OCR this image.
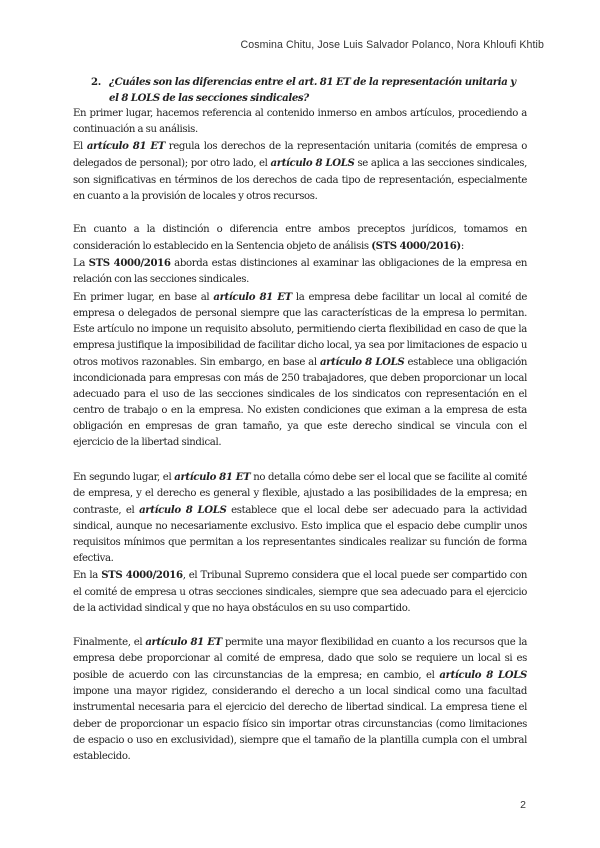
Cosmina Chitu, Jose Luis Salvador Polanco, Nora Khloufi Khtib

2. ¿Cuáles son las diferencias entre el art. 81 ET de la representación unitaria y el 8 LOLS de las secciones sindicales?

En primer lugar, hacemos referencia al contenido inmerso en ambos artículos, procediendo a continuación a su análisis.

El artículo 81 ET regula los derechos de la representación unitaria (comités de empresa o delegados de personal); por otro lado, el artículo 8 LOLS se aplica a las secciones sindicales, son significativas en términos de los derechos de cada tipo de representación, especialmente en cuanto a la provisión de locales y otros recursos.

En cuanto a la distinción o diferencia entre ambos preceptos jurídicos, tomamos en consideración lo establecido en la Sentencia objeto de análisis (STS 4000/2016):

La STS 4000/2016 aborda estas distinciones al examinar las obligaciones de la empresa en relación con las secciones sindicales.

En primer lugar, en base al artículo 81 ET la empresa debe facilitar un local al comité de empresa o delegados de personal siempre que las características de la empresa lo permitan. Este artículo no impone un requisito absoluto, permitiendo cierta flexibilidad en caso de que la empresa justifique la imposibilidad de facilitar dicho local, ya sea por limitaciones de espacio u otros motivos razonables. Sin embargo, en base al artículo 8 LOLS establece una obligación incondicionada para empresas con más de 250 trabajadores, que deben proporcionar un local adecuado para el uso de las secciones sindicales de los sindicatos con representación en el centro de trabajo o en la empresa. No existen condiciones que eximan a la empresa de esta obligación en empresas de gran tamaño, ya que este derecho sindical se vincula con el ejercicio de la libertad sindical.

En segundo lugar, el artículo 81 ET no detalla cómo debe ser el local que se facilite al comité de empresa, y el derecho es general y flexible, ajustado a las posibilidades de la empresa; en contraste, el artículo 8 LOLS establece que el local debe ser adecuado para la actividad sindical, aunque no necesariamente exclusivo. Esto implica que el espacio debe cumplir unos requisitos mínimos que permitan a los representantes sindicales realizar su función de forma efectiva.

En la STS 4000/2016, el Tribunal Supremo considera que el local puede ser compartido con el comité de empresa u otras secciones sindicales, siempre que sea adecuado para el ejercicio de la actividad sindical y que no haya obstáculos en su uso compartido.

Finalmente, el artículo 81 ET permite una mayor flexibilidad en cuanto a los recursos que la empresa debe proporcionar al comité de empresa, dado que solo se requiere un local si es posible de acuerdo con las circunstancias de la empresa; en cambio, el artículo 8 LOLS impone una mayor rigidez, considerando el derecho a un local sindical como una facultad instrumental necesaria para el ejercicio del derecho de libertad sindical. La empresa tiene el deber de proporcionar un espacio físico sin importar otras circunstancias (como limitaciones de espacio o uso en exclusividad), siempre que el tamaño de la plantilla cumpla con el umbral establecido.

2
